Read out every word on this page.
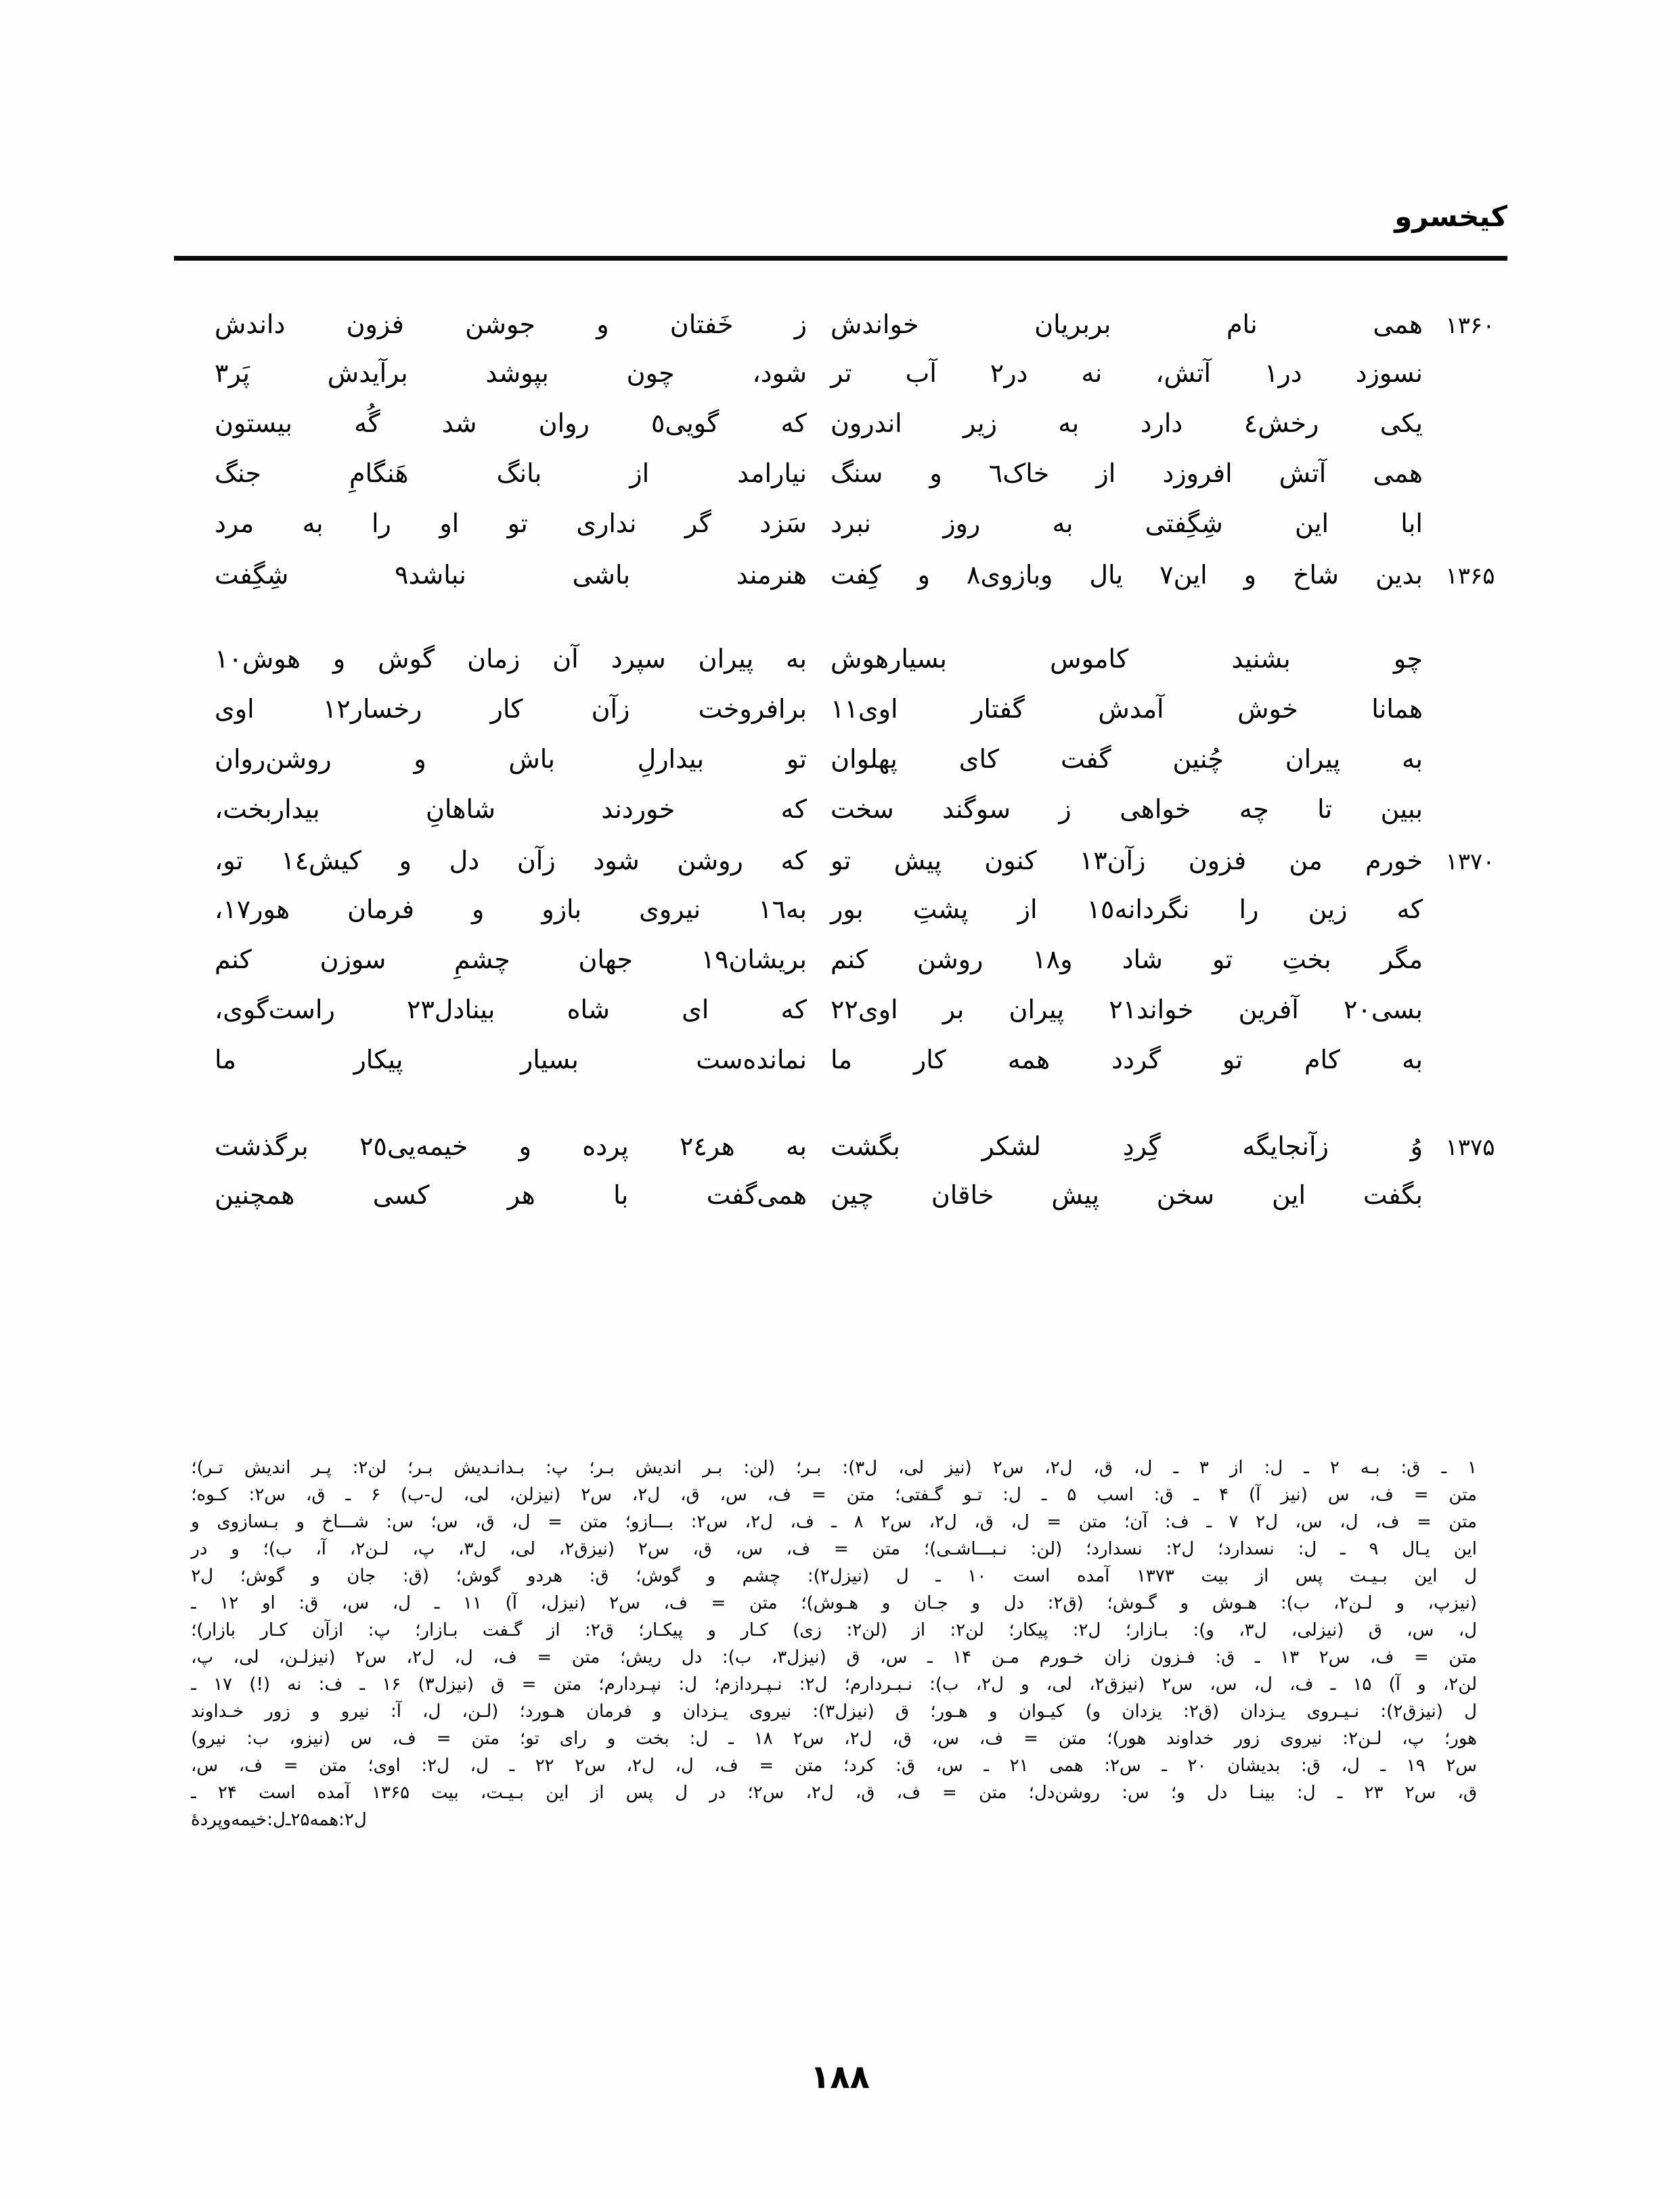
کیخسرو
۱۳۶۰
همی
نام
بربریان
خواندش
ز
خَفتان
و
جوشن
فزون
داندش
نسوزد
در١
آتش،
نه
در٢
آب
تر
شود،
چون
بپوشد
برآیدش
پَر٣
یکی
رخش٤
دارد
به
زیر
اندرون
که
گویی٥
روان
شد
گُه
بیستون
همی
آتش
افروزد
از
خاک٦
و
سنگ
نیارامد
از
بانگ
هَنگامِ
جنگ
ابا
این
شِگِفتی
به
روز
نبرد
سَزد
گر
نداری
تو
او
را
به
مرد
۱۳۶۵
بدین
شاخ
و
این٧
یال
وبازوی٨
و
کِفت
هنرمند
باشی
نباشد٩
شِگِفت
چو
بشنید
کاموس
بسیارهوش
به
پیران
سپرد
آن
زمان
گوش
و
هوش١٠
همانا
خوش
آمدش
گفتار
اوی١١
برافروخت
زآن
کار
رخسار١٢
اوی
به
پیران
چُنین
گفت
کای
پهلوان
تو
بیدارلِ
باش
و
روشن‌روان
ببین
تا
چه
خواهی
ز
سوگند
سخت
که
خوردند
شاهانِ
بیداربخت،
۱۳۷۰
خورم
من
فزون
زآن١٣
کنون
پیش
تو
که
روشن
شود
زآن
دل
و
کیش١٤
تو،
که
زین
را
نگردانه١٥
از
پشتِ
بور
به١٦
نیروی
بازو
و
فرمان
هور١٧،
مگر
بختِ
تو
شاد
و١٨
روشن
کنم
بریشان١٩
جهان
چشمِ
سوزن
کنم
بسی٢٠
آفرین
خواند٢١
پیران
بر
اوی٢٢
که
ای
شاه
بینادل٢٣
راست‌گوی،
به
کام
تو
گردد
همه
کار
ما
نمانده‌ست
بسیار
پیکار
ما
۱۳۷۵
وُ
زآنجایگه
گِردِ
لشکر
بگشت
به
هر٢٤
پرده
و
خیمه‌یی٢٥
برگذشت
بگفت
این
سخن
پیش
خاقان
چین
همی‌گفت
با
هر
کسی
همچنین
۱
ـ
ق:
بـه
۲
ـ
ل:
از
۳
ـ
ل،
ق،
ل٢،
س٢
(نیز
لی،
ل٣):
بـر؛
(لن:
بـر
اندیش
بـر؛
پ:
بـدانـدیش
بـر؛
لن٢:
پـر
اندیش
تـر)؛
متن
=
ف،
س
(نیز
آ)
۴
ـ
ق:
اسب
۵
ـ
ل:
تـو
گـفتی؛
متن
=
ف،
س،
ق،
ل٢،
س٢
(نیزلن،
لی،
ل-ب)
۶
ـ
ق،
س٢:
کـوه؛
متن
=
ف،
ل،
س،
ل٢
۷
ـ
ف:
آن؛
متن
=
ل،
ق،
ل٢،
س٢
۸
ـ
ف،
ل٢،
س٢:
بـــازو؛
متن
=
ل،
ق،
س؛
س:
شـــاخ
و
بـسازوی
و
این
یـال
۹
ـ
ل:
نسدارد؛
ل٢:
نسدارد؛
(لن:
نـبـــاشـی)؛
متن
=
ف،
س،
ق،
س٢
(نیزق٢،
لی،
ل٣،
پ،
لـن٢،
آ،
ب)؛
و
در
ل
این
بـیـت
پس
از
بیت
۱۳۷۳
آمده
است
۱۰
ـ
ل
(نیزل٢):
چشم
و
گوش؛
ق:
هردو
گوش؛
(ق:
جان
و
گوش؛
ل٢
(نیزپ،
و
لـن٢،
ب):
هـوش
و
گـوش؛
(ق٢:
دل
و
جـان
و
هـوش)؛
متن
=
ف،
س٢
(نیزل،
آ)
۱۱
ـ
ل،
س،
ق:
او
۱۲
ـ
ل،
س،
ق
(نیزلی،
ل٣،
و):
بـازار؛
ل٢:
پیکار؛
لن٢:
از
(لن٢:
زی)
کـار
و
پیکـار؛
ق٢:
از
گـفت
بـازار؛
پ:
ازآن
کـار
بازار)؛
متن
=
ف،
س٢
۱۳
ـ
ق:
فـزون
زان
خـورم
مـن
۱۴
ـ
س،
ق
(نیزل٣،
ب):
دل
ریش؛
متن
=
ف،
ل،
ل٢،
س٢
(نیزلـن،
لی،
پ،
لن٢،
و
آ)
۱۵
ـ
ف،
ل،
س،
س٢
(نیزق٢،
لی،
و
ل٢،
ب):
نـبـردارم؛
ل٢:
نـپـردازم؛
ل:
نپـردارم؛
متن
=
ق
(نیزل٣)
۱۶
ـ
ف:
نه
(!)
۱۷
ـ
ل
(نیزق٢):
نـیـروی
یـزدان
(ق٢:
یزدان
و)
کیـوان
و
هـور؛
ق
(نیزل٣):
نیروی
یـزدان
و
فرمان
هـورد؛
(لـن،
ل،
آ:
نیرو
و
زور
خـداوند
هور؛
پ،
لـن٢:
نیروی
زور
خداوند
هور)؛
متن
=
ف،
س،
ق،
ل٢،
س٢
۱۸
ـ
ل:
بخت
و
رای
تو؛
متن
=
ف،
س
(نیزو،
ب:
نیرو)
س٢
۱۹
ـ
ل،
ق:
بدیشان
۲۰
ـ
س٢:
همی
۲۱
ـ
س،
ق:
کرد؛
متن
=
ف،
ل،
ل٢،
س٢
۲۲
ـ
ل،
ل٢:
اوی؛
متن
=
ف،
س،
ق،
س٢
۲۳
ـ
ل:
بینـا
دل
و؛
س:
روشن‌دل؛
متن
=
ف،
ق،
ل٢،
س٢؛
در
ل
پس
از
این
بـیـت،
بیت
۱۳۶۵
آمده
است
۲۴
ـ
ل٢:
همه
۲۵
ـ
ل:
خیمه
و
پردهٔ
۱۸۸
